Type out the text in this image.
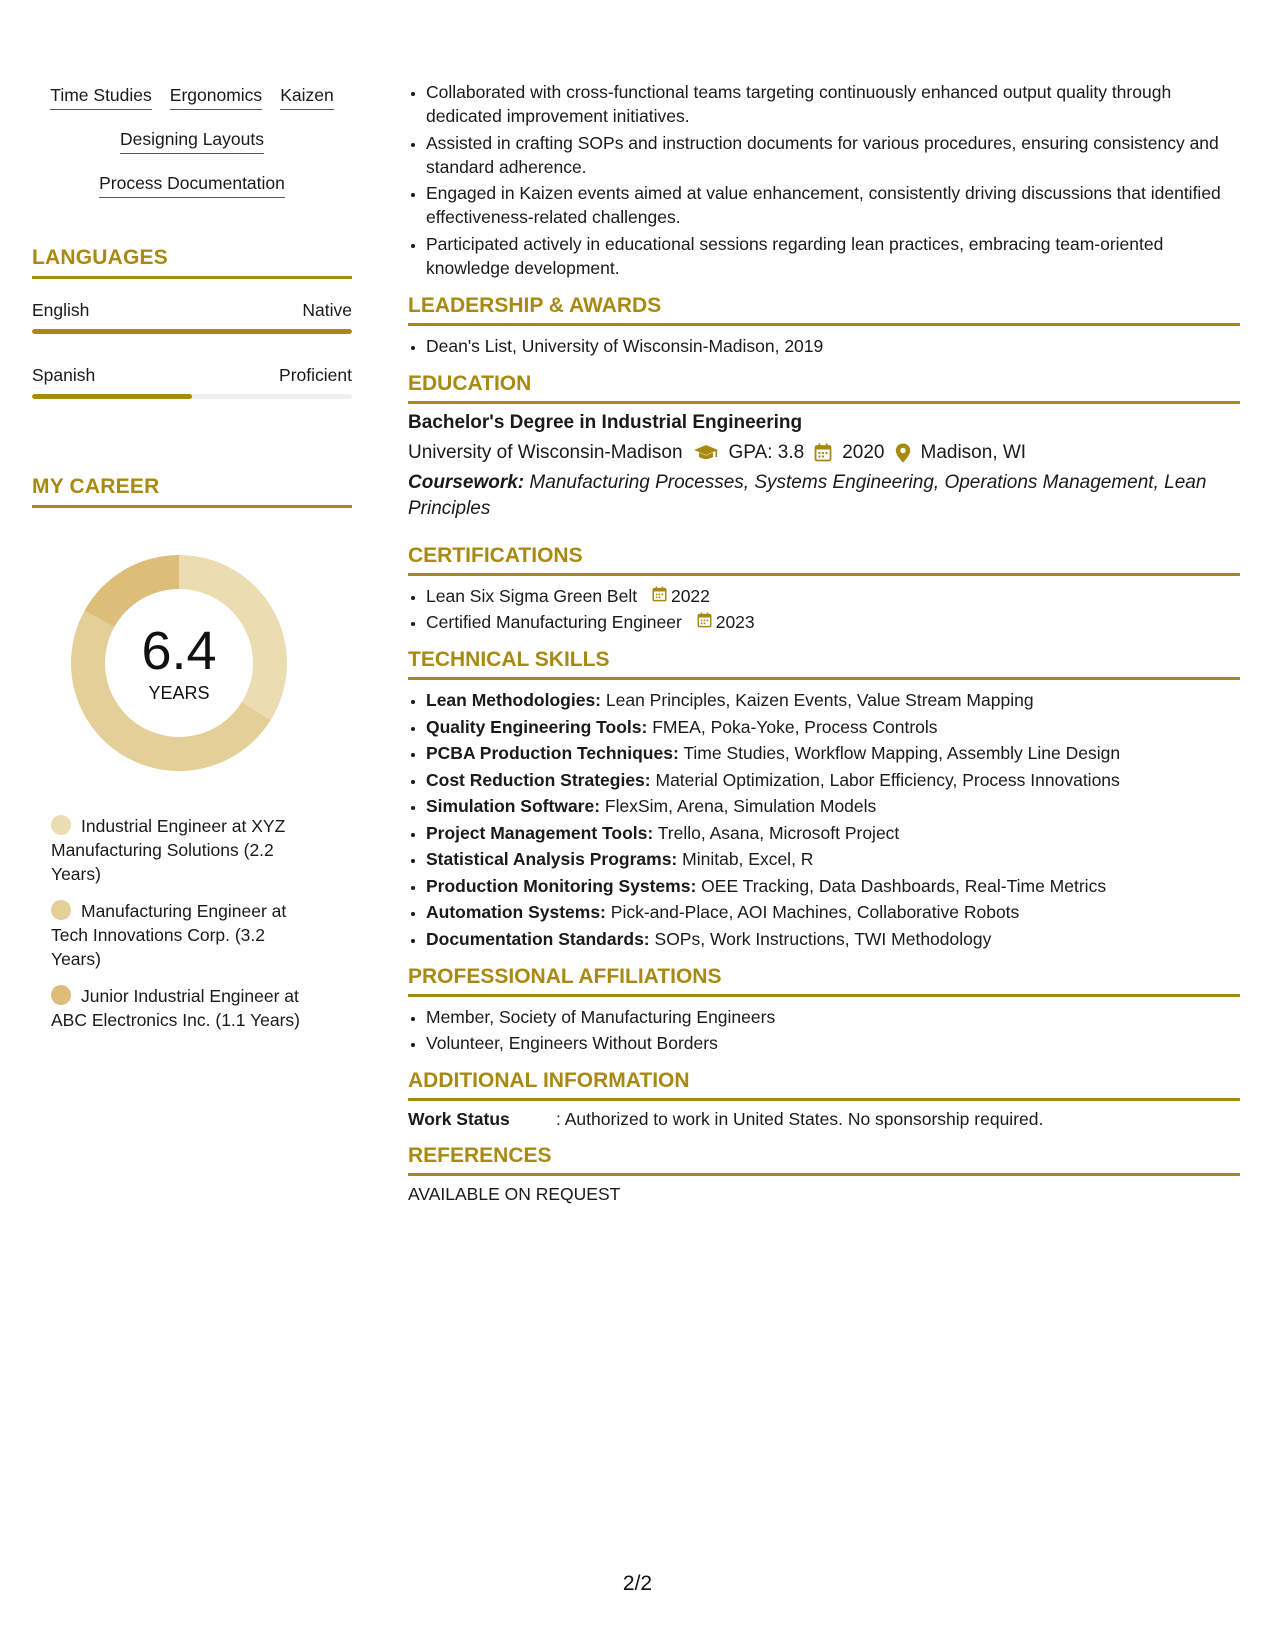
Time Studies Ergonomics Kaizen
Designing Layouts
Process Documentation
LANGUAGES
English	Native
Spanish	Proficient
MY CAREER
6.4
YEARS
Industrial Engineer at XYZ Manufacturing Solutions (2.2 Years)
Manufacturing Engineer at Tech Innovations Corp. (3.2 Years)
Junior Industrial Engineer at ABC Electronics Inc. (1.1 Years)
• Collaborated with cross-functional teams targeting continuously enhanced output quality through dedicated improvement initiatives.
• Assisted in crafting SOPs and instruction documents for various procedures, ensuring consistency and standard adherence.
• Engaged in Kaizen events aimed at value enhancement, consistently driving discussions that identified effectiveness-related challenges.
• Participated actively in educational sessions regarding lean practices, embracing team-oriented knowledge development.
LEADERSHIP & AWARDS
• Dean's List, University of Wisconsin-Madison, 2019
EDUCATION
Bachelor's Degree in Industrial Engineering
University of Wisconsin-Madison GPA: 3.8 2020 Madison, WI
Coursework: Manufacturing Processes, Systems Engineering, Operations Management, Lean Principles
CERTIFICATIONS
• Lean Six Sigma Green Belt 2022
• Certified Manufacturing Engineer 2023
TECHNICAL SKILLS
• Lean Methodologies: Lean Principles, Kaizen Events, Value Stream Mapping
• Quality Engineering Tools: FMEA, Poka-Yoke, Process Controls
• PCBA Production Techniques: Time Studies, Workflow Mapping, Assembly Line Design
• Cost Reduction Strategies: Material Optimization, Labor Efficiency, Process Innovations
• Simulation Software: FlexSim, Arena, Simulation Models
• Project Management Tools: Trello, Asana, Microsoft Project
• Statistical Analysis Programs: Minitab, Excel, R
• Production Monitoring Systems: OEE Tracking, Data Dashboards, Real-Time Metrics
• Automation Systems: Pick-and-Place, AOI Machines, Collaborative Robots
• Documentation Standards: SOPs, Work Instructions, TWI Methodology
PROFESSIONAL AFFILIATIONS
• Member, Society of Manufacturing Engineers
• Volunteer, Engineers Without Borders
ADDITIONAL INFORMATION
Work Status	: Authorized to work in United States. No sponsorship required.
REFERENCES
AVAILABLE ON REQUEST
2/2
